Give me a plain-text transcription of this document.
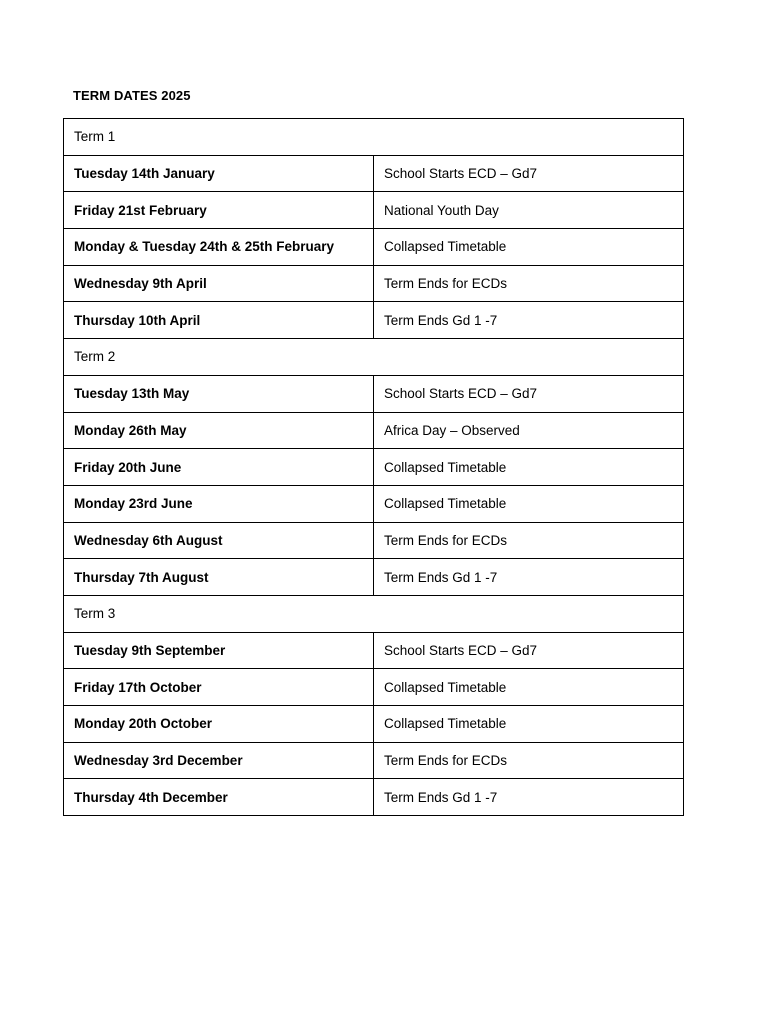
TERM DATES 2025
Term 1	
Tuesday 14th January	School Starts ECD – Gd7
Friday 21st February	National Youth Day
Monday & Tuesday 24th & 25th February	Collapsed Timetable
Wednesday 9th April	Term Ends for ECDs
Thursday 10th April	Term Ends Gd 1 -7
Term 2	
Tuesday 13th May	School Starts ECD – Gd7
Monday 26th May	Africa Day – Observed
Friday 20th June	Collapsed Timetable
Monday 23rd June	Collapsed Timetable
Wednesday 6th August	Term Ends for ECDs
Thursday 7th August	Term Ends Gd 1 -7
Term 3	
Tuesday 9th September	School Starts ECD – Gd7
Friday 17th October	Collapsed Timetable
Monday 20th October	Collapsed Timetable
Wednesday 3rd December	Term Ends for ECDs
Thursday 4th December	Term Ends Gd 1 -7
